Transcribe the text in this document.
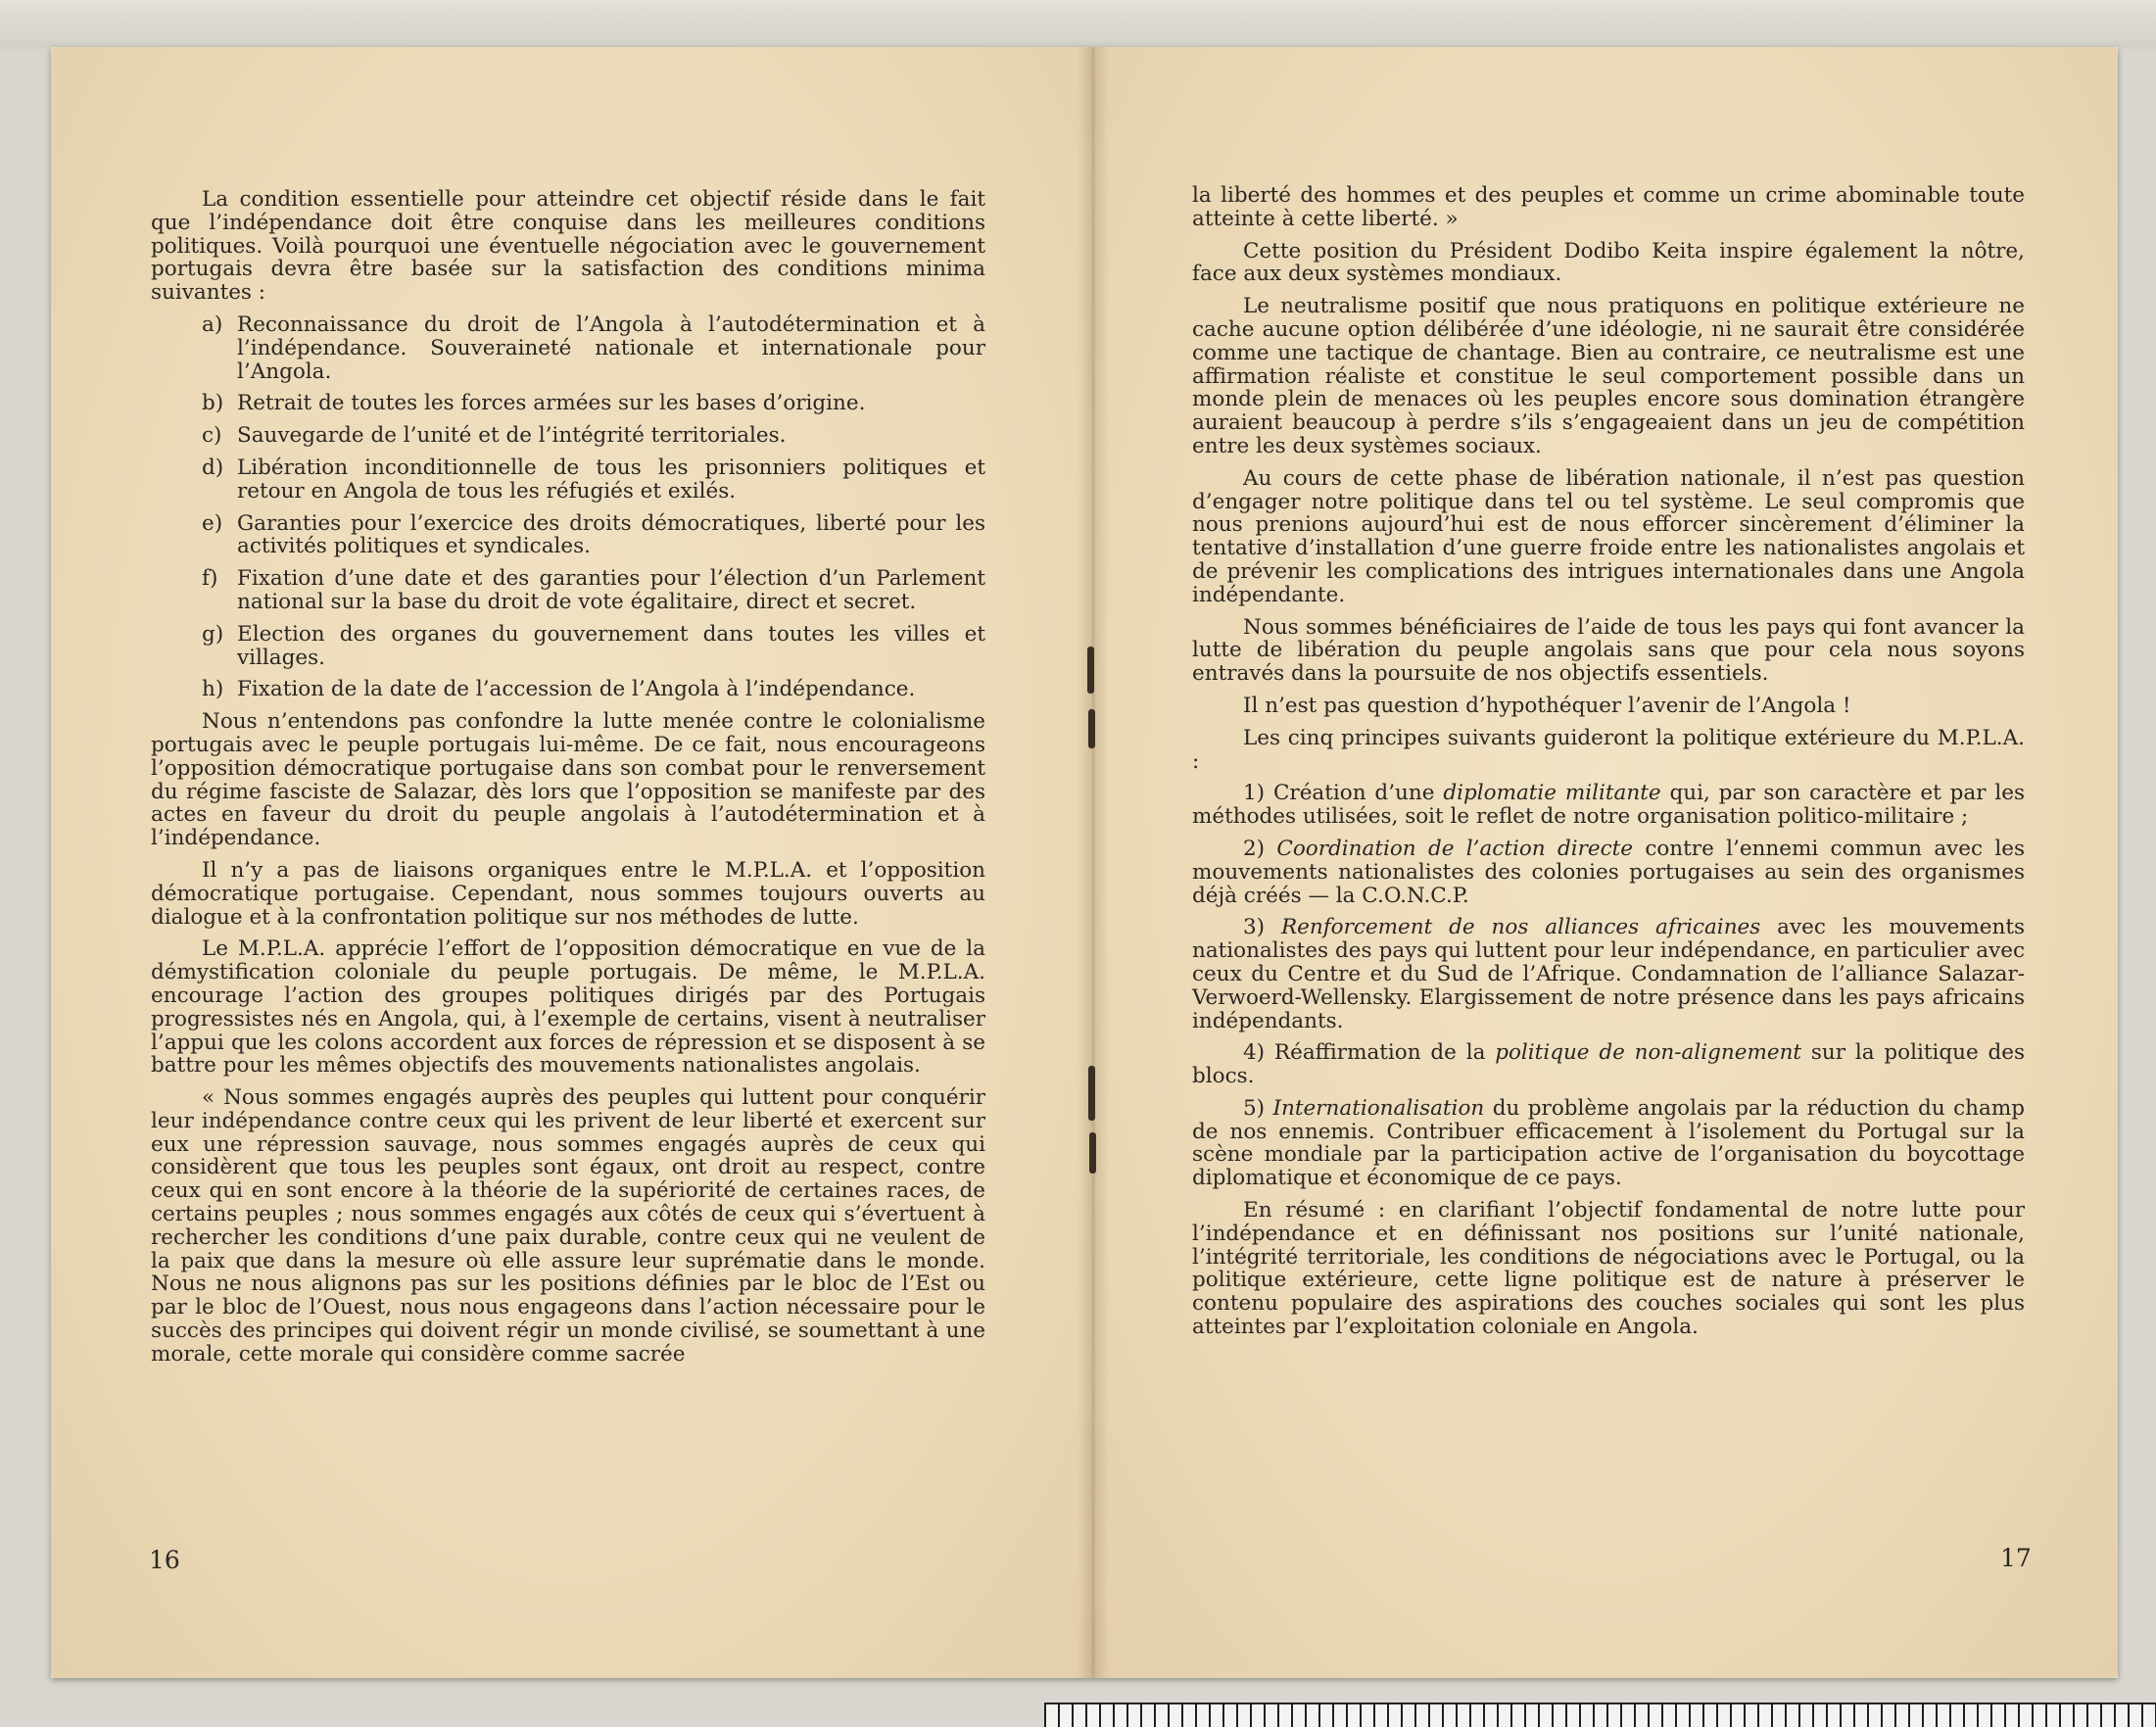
La condition essentielle pour atteindre cet objectif réside dans le fait que l’indépendance doit être conquise dans les meilleures conditions politiques. Voilà pourquoi une éventuelle négociation avec le gouvernement portugais devra être basée sur la satisfaction des conditions minima suivantes :

a) Reconnaissance du droit de l’Angola à l’autodétermination et à l’indépendance. Souveraineté nationale et internationale pour l’Angola.
b) Retrait de toutes les forces armées sur les bases d’origine.
c) Sauvegarde de l’unité et de l’intégrité territoriales.
d) Libération inconditionnelle de tous les prisonniers politiques et retour en Angola de tous les réfugiés et exilés.
e) Garanties pour l’exercice des droits démocratiques, liberté pour les activités politiques et syndicales.
f) Fixation d’une date et des garanties pour l’élection d’un Parlement national sur la base du droit de vote égalitaire, direct et secret.
g) Election des organes du gouvernement dans toutes les villes et villages.
h) Fixation de la date de l’accession de l’Angola à l’indépendance.

Nous n’entendons pas confondre la lutte menée contre le colonialisme portugais avec le peuple portugais lui-même. De ce fait, nous encourageons l’opposition démocratique portugaise dans son combat pour le renversement du régime fasciste de Salazar, dès lors que l’opposition se manifeste par des actes en faveur du droit du peuple angolais à l’autodétermination et à l’indépendance.

Il n’y a pas de liaisons organiques entre le M.P.L.A. et l’opposition démocratique portugaise. Cependant, nous sommes toujours ouverts au dialogue et à la confrontation politique sur nos méthodes de lutte.

Le M.P.L.A. apprécie l’effort de l’opposition démocratique en vue de la démystification coloniale du peuple portugais. De même, le M.P.L.A. encourage l’action des groupes politiques dirigés par des Portugais progressistes nés en Angola, qui, à l’exemple de certains, visent à neutraliser l’appui que les colons accordent aux forces de répression et se disposent à se battre pour les mêmes objectifs des mouvements nationalistes angolais.

« Nous sommes engagés auprès des peuples qui luttent pour conquérir leur indépendance contre ceux qui les privent de leur liberté et exercent sur eux une répression sauvage, nous sommes engagés auprès de ceux qui considèrent que tous les peuples sont égaux, ont droit au respect, contre ceux qui en sont encore à la théorie de la supériorité de certaines races, de certains peuples ; nous sommes engagés aux côtés de ceux qui s’évertuent à rechercher les conditions d’une paix durable, contre ceux qui ne veulent de la paix que dans la mesure où elle assure leur suprématie dans le monde. Nous ne nous alignons pas sur les positions définies par le bloc de l’Est ou par le bloc de l’Ouest, nous nous engageons dans l’action nécessaire pour le succès des principes qui doivent régir un monde civilisé, se soumettant à une morale, cette morale qui considère comme sacrée

16

la liberté des hommes et des peuples et comme un crime abominable toute atteinte à cette liberté. »

Cette position du Président Dodibo Keita inspire également la nôtre, face aux deux systèmes mondiaux.

Le neutralisme positif que nous pratiquons en politique extérieure ne cache aucune option délibérée d’une idéologie, ni ne saurait être considérée comme une tactique de chantage. Bien au contraire, ce neutralisme est une affirmation réaliste et constitue le seul comportement possible dans un monde plein de menaces où les peuples encore sous domination étrangère auraient beaucoup à perdre s’ils s’engageaient dans un jeu de compétition entre les deux systèmes sociaux.

Au cours de cette phase de libération nationale, il n’est pas question d’engager notre politique dans tel ou tel système. Le seul compromis que nous prenions aujourd’hui est de nous efforcer sincèrement d’éliminer la tentative d’installation d’une guerre froide entre les nationalistes angolais et de prévenir les complications des intrigues internationales dans une Angola indépendante.

Nous sommes bénéficiaires de l’aide de tous les pays qui font avancer la lutte de libération du peuple angolais sans que pour cela nous soyons entravés dans la poursuite de nos objectifs essentiels.

Il n’est pas question d’hypothéquer l’avenir de l’Angola !

Les cinq principes suivants guideront la politique extérieure du M.P.L.A. :

1) Création d’une diplomatie militante qui, par son caractère et par les méthodes utilisées, soit le reflet de notre organisation politico-militaire ;

2) Coordination de l’action directe contre l’ennemi commun avec les mouvements nationalistes des colonies portugaises au sein des organismes déjà créés — la C.O.N.C.P.

3) Renforcement de nos alliances africaines avec les mouvements nationalistes des pays qui luttent pour leur indépendance, en particulier avec ceux du Centre et du Sud de l’Afrique. Condamnation de l’alliance Salazar-Verwoerd-Wellensky. Elargissement de notre présence dans les pays africains indépendants.

4) Réaffirmation de la politique de non-alignement sur la politique des blocs.

5) Internationalisation du problème angolais par la réduction du champ de nos ennemis. Contribuer efficacement à l’isolement du Portugal sur la scène mondiale par la participation active de l’organisation du boycottage diplomatique et économique de ce pays.

En résumé : en clarifiant l’objectif fondamental de notre lutte pour l’indépendance et en définissant nos positions sur l’unité nationale, l’intégrité territoriale, les conditions de négociations avec le Portugal, ou la politique extérieure, cette ligne politique est de nature à préserver le contenu populaire des aspirations des couches sociales qui sont les plus atteintes par l’exploitation coloniale en Angola.

17
